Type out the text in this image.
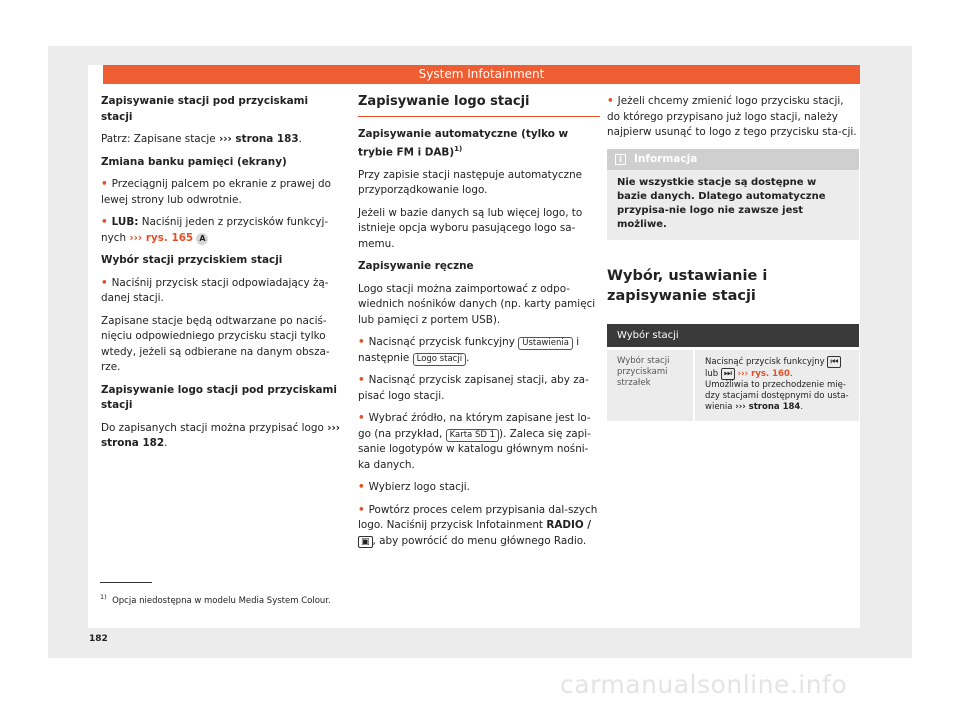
System Infotainment

Zapisywanie stacji pod przyciskami stacji

Patrz: Zapisane stacje ››› strona 183.

Zmiana banku pamięci (ekrany)

• Przeciągnij palcem po ekranie z prawej do lewej strony lub odwrotnie.

• LUB: Naciśnij jeden z przycisków funkcyj-nych ››› rys. 165 A

Wybór stacji przyciskiem stacji

• Naciśnij przycisk stacji odpowiadający żą-danej stacji.

Zapisane stacje będą odtwarzane po naciś-nięciu odpowiedniego przycisku stacji tylko wtedy, jeżeli są odbierane na danym obsza-rze.

Zapisywanie logo stacji pod przyciskami stacji

Do zapisanych stacji można przypisać logo ››› strona 182.

Zapisywanie logo stacji

Zapisywanie automatyczne (tylko w trybie FM i DAB)$^{1)}$

Przy zapisie stacji następuje automatyczne przyporządkowanie logo.

Jeżeli w bazie danych są lub więcej logo, to istnieje opcja wyboru pasującego logo sa-memu.

Zapisywanie ręczne

Logo stacji można zaimportować z odpo-wiednich nośników danych (np. karty pamięci lub pamięci z portem USB).

• Nacisnąć przycisk funkcyjny Ustawienia i następnie Logo stacji .

• Nacisnąć przycisk zapisanej stacji, aby za-pisać logo stacji.

• Wybrać źródło, na którym zapisane jest lo-go (na przykład, Karta SD 1 ). Zaleca się zapi-sanie logotypów w katalogu głównym nośni-ka danych.

• Wybierz logo stacji.

• Powtórz proces celem przypisania dal-szych logo. Naciśnij przycisk Infotainment RADIO / ▣ , aby powrócić do menu głównego Radio.

• Jeżeli chcemy zmienić logo przycisku stacji, do którego przypisano już logo stacji, należy najpierw usunąć to logo z tego przycisku sta-cji.

i Informacja
Nie wszystkie stacje są dostępne w bazie danych. Dlatego automatyczne przypisa-nie logo nie zawsze jest możliwe.
Wybór, ustawianie i zapisywanie stacji
Wybór stacji
Wybór stacji przyciskami strzałek	Nacisnąć przycisk funkcyjny ⏮ lub ⏭ ››› rys. 160.
Umożliwia to przechodzenie mię-dzy stacjami dostępnymi do usta-wienia ››› strona 184.
$^{1)}$ Opcja niedostępna w modelu Media System Colour.
182
carmanualsonline.info
